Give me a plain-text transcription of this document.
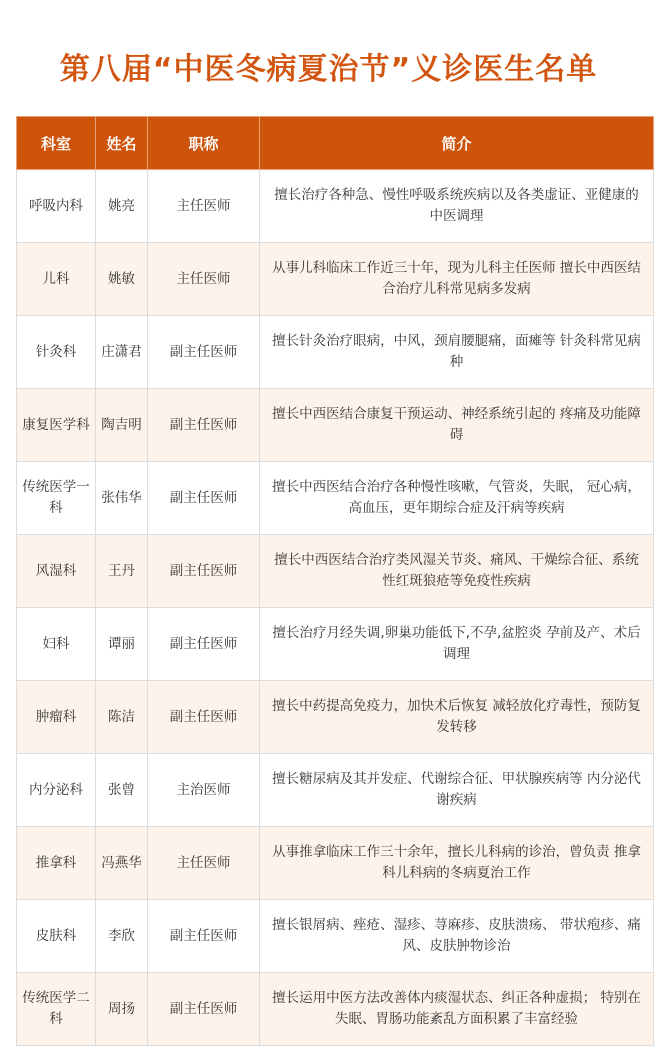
第八届“中医冬病夏治节”义诊医生名单
科室	姓名	职称	简介
呼吸内科	姚亮	主任医师	擅长治疗各种急、慢性呼吸系统疾病以及各类虚证、亚健康的中医调理
儿科	姚敏	主任医师	从事儿科临床工作近三十年，现为儿科主任医师 擅长中西医结合治疗儿科常见病多发病
针灸科	庄潇君	副主任医师	擅长针灸治疗眼病，中风，颈肩腰腿痛，面瘫等 针灸科常见病种
康复医学科	陶吉明	副主任医师	擅长中西医结合康复干预运动、神经系统引起的 疼痛及功能障碍
传统医学一科	张伟华	副主任医师	擅长中西医结合治疗各种慢性咳嗽，气管炎，失眠， 冠心病，高血压，更年期综合症及汗病等疾病
风湿科	王丹	副主任医师	擅长中西医结合治疗类风湿关节炎、痛风、干燥综合征、系统性红斑狼疮等免疫性疾病
妇科	谭丽	副主任医师	擅长治疗月经失调,卵巢功能低下,不孕,盆腔炎 孕前及产、术后调理
肿瘤科	陈洁	副主任医师	擅长中药提高免疫力，加快术后恢复 减轻放化疗毒性，预防复发转移
内分泌科	张曾	主治医师	擅长糖尿病及其并发症、代谢综合征、甲状腺疾病等 内分泌代谢疾病
推拿科	冯燕华	主任医师	从事推拿临床工作三十余年，擅长儿科病的诊治，曾负责 推拿科儿科病的冬病夏治工作
皮肤科	李欣	副主任医师	擅长银屑病、痤疮、湿疹、荨麻疹、皮肤溃疡、 带状疱疹、痛风、皮肤肿物诊治
传统医学二科	周扬	副主任医师	擅长运用中医方法改善体内痰湿状态、纠正各种虚损； 特别在失眠、胃肠功能紊乱方面积累了丰富经验
